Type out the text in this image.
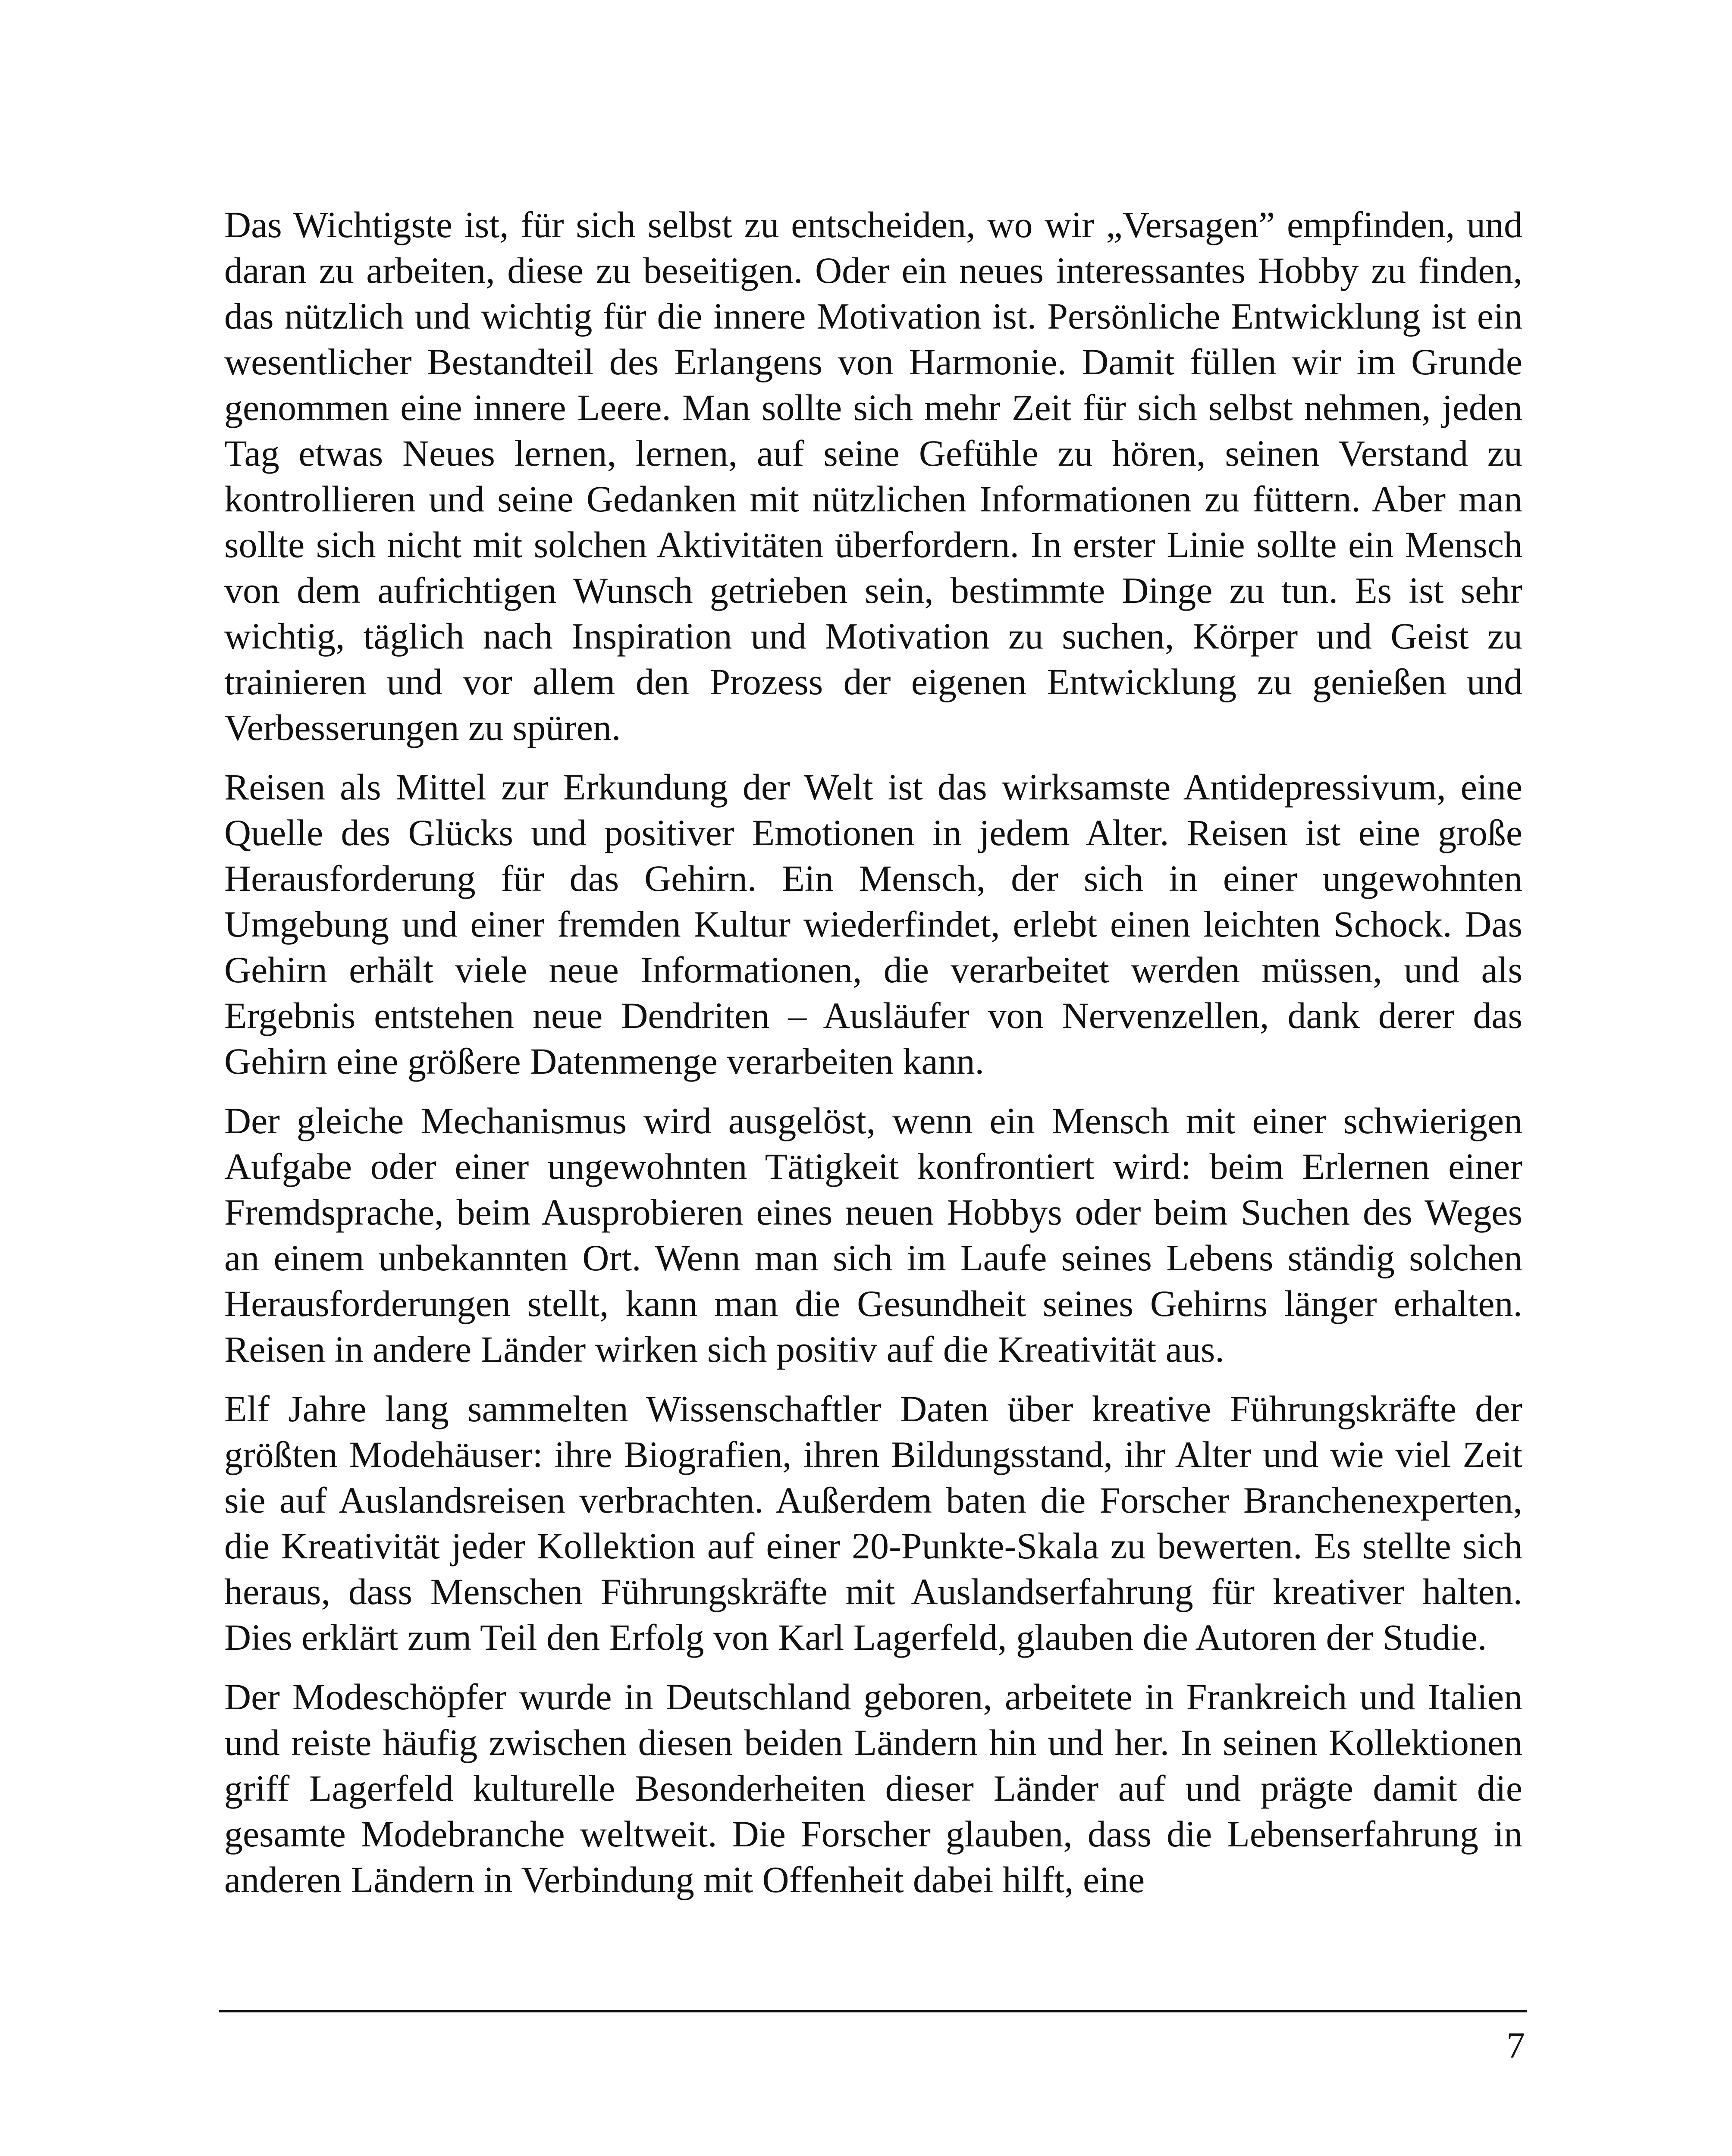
Das Wichtigste ist, für sich selbst zu entscheiden, wo wir „Versagen” empfinden, und daran zu arbeiten, diese zu beseitigen. Oder ein neues interessantes Hobby zu finden, das nützlich und wichtig für die innere Motivation ist. Persönliche Entwicklung ist ein wesentlicher Bestandteil des Erlangens von Harmonie. Damit füllen wir im Grunde genommen eine innere Leere. Man sollte sich mehr Zeit für sich selbst nehmen, jeden Tag etwas Neues lernen, lernen, auf seine Gefühle zu hören, seinen Verstand zu kontrollieren und seine Gedanken mit nützlichen Informationen zu füttern. Aber man sollte sich nicht mit solchen Aktivitäten überfordern. In erster Linie sollte ein Mensch von dem aufrichtigen Wunsch getrieben sein, bestimmte Dinge zu tun. Es ist sehr wichtig, täglich nach Inspiration und Motivation zu suchen, Körper und Geist zu trainieren und vor allem den Prozess der eigenen Entwicklung zu genießen und Verbesserungen zu spüren.

Reisen als Mittel zur Erkundung der Welt ist das wirksamste Antidepressivum, eine Quelle des Glücks und positiver Emotionen in jedem Alter. Reisen ist eine große Herausforderung für das Gehirn. Ein Mensch, der sich in einer ungewohnten Umgebung und einer fremden Kultur wiederfindet, erlebt einen leichten Schock. Das Gehirn erhält viele neue Informationen, die verarbeitet werden müssen, und als Ergebnis entstehen neue Dendriten – Ausläufer von Nervenzellen, dank derer das Gehirn eine größere Datenmenge verarbeiten kann.

Der gleiche Mechanismus wird ausgelöst, wenn ein Mensch mit einer schwierigen Aufgabe oder einer ungewohnten Tätigkeit konfrontiert wird: beim Erlernen einer Fremdsprache, beim Ausprobieren eines neuen Hobbys oder beim Suchen des Weges an einem unbekannten Ort. Wenn man sich im Laufe seines Lebens ständig solchen Herausforderungen stellt, kann man die Gesundheit seines Gehirns länger erhalten. Reisen in andere Länder wirken sich positiv auf die Kreativität aus.

Elf Jahre lang sammelten Wissenschaftler Daten über kreative Führungskräfte der größten Modehäuser: ihre Biografien, ihren Bildungsstand, ihr Alter und wie viel Zeit sie auf Auslandsreisen verbrachten. Außerdem baten die Forscher Branchenexperten, die Kreativität jeder Kollektion auf einer 20-Punkte-Skala zu bewerten. Es stellte sich heraus, dass Menschen Führungskräfte mit Auslandserfahrung für kreativer halten. Dies erklärt zum Teil den Erfolg von Karl Lagerfeld, glauben die Autoren der Studie.

Der Modeschöpfer wurde in Deutschland geboren, arbeitete in Frankreich und Italien und reiste häufig zwischen diesen beiden Ländern hin und her. In seinen Kollektionen griff Lagerfeld kulturelle Besonderheiten dieser Länder auf und prägte damit die gesamte Modebranche weltweit. Die Forscher glauben, dass die Lebenserfahrung in anderen Ländern in Verbindung mit Offenheit dabei hilft, eine

7
